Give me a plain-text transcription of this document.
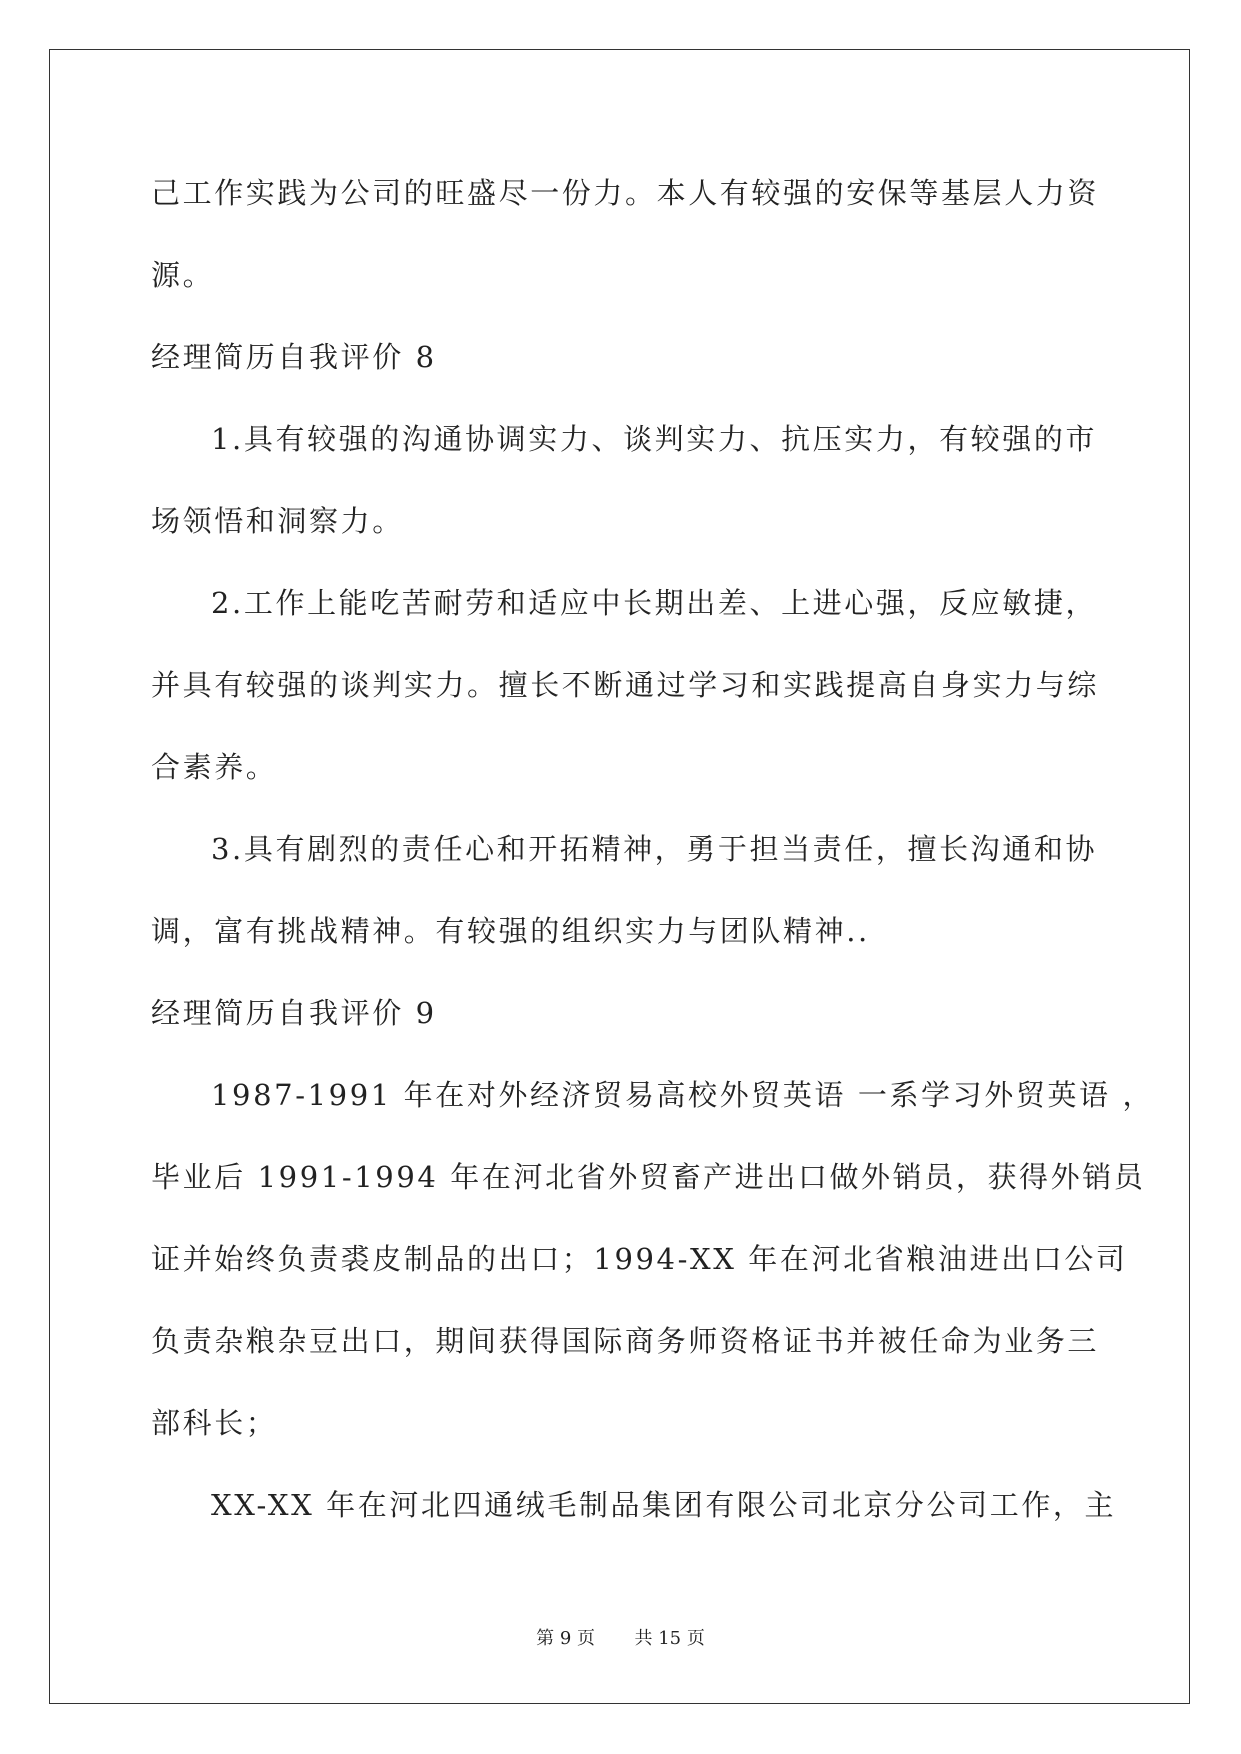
己工作实践为公司的旺盛尽一份力。本人有较强的安保等基层人力资
源。
经理简历自我评价 8
1.具有较强的沟通协调实力、谈判实力、抗压实力，有较强的市
场领悟和洞察力。
2.工作上能吃苦耐劳和适应中长期出差、上进心强，反应敏捷，
并具有较强的谈判实力。擅长不断通过学习和实践提高自身实力与综
合素养。
3.具有剧烈的责任心和开拓精神，勇于担当责任，擅长沟通和协
调，富有挑战精神。有较强的组织实力与团队精神..
经理简历自我评价 9
1987-1991 年在对外经济贸易高校外贸英语 一系学习外贸英语 ，
毕业后 1991-1994 年在河北省外贸畜产进出口做外销员，获得外销员
证并始终负责裘皮制品的出口；1994-XX 年在河北省粮油进出口公司
负责杂粮杂豆出口，期间获得国际商务师资格证书并被任命为业务三
部科长；
XX-XX 年在河北四通绒毛制品集团有限公司北京分公司工作，主
第 9 页 共 15 页
